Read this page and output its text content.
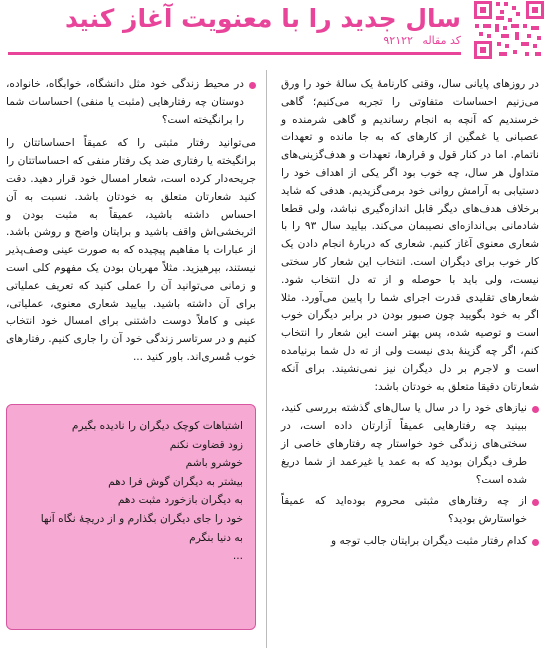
سال جدید را با معنویت آغاز کنید
کد مقاله ۹۲۱۲۲

در روزهای پایانی سال، وقتی کارنامۀ یک سالۀ خود را ورق می‌زنیم احساسات متفاوتی را تجربه می‌کنیم؛ گاهی خرسندیم که آنچه به انجام رساندیم و گاهی شرمنده و عصبانی یا غمگین از کارهای که به جا مانده و تعهدات ناتمام. اما در کنار قول و قرارها، تعهدات و هدف‌گزینی‌های متداول هر سال، چه خوب بود اگر یکی از اهداف خود را دستیابی به آرامش روانی خود برمی‌گزیدیم. هدفی که شاید برخلاف هدف‌های دیگر قابل اندازه‌گیری نباشد، ولی قطعا شادمانی بی‌اندازه‌ای نصیبمان می‌کند. بیایید سال ۹۳ را با شعاری معنوی آغاز کنیم. شعاری که دربارۀ انجام دادن یک کار خوب برای دیگران است. انتخاب این شعار کار سختی نیست، ولی باید با حوصله و از ته دل انتخاب شود. شعارهای تقلیدی قدرت اجرای شما را پایین می‌آورد. مثلا اگر به خود بگویید چون صبور بودن در برابر دیگران خوب است و توصیه شده، پس بهتر است این شعار را انتخاب کنم، اگر چه گزینۀ بدی نیست ولی از ته دل شما برنیامده است و لاجرم بر دل دیگران نیز نمی‌نشیند. برای آنکه شعارتان دقیقا متعلق به خودتان باشد:

نیازهای خود را در سال یا سال‌های گذشته بررسی کنید، ببینید چه رفتارهایی عمیقاً آزارتان داده است، در سختی‌های زندگی خود خواستار چه رفتارهای خاصی از طرف دیگران بودید که به عمد یا غیرعمد از شما دریغ شده است؟

از چه رفتارهای مثبتی محروم بوده‌اید که عمیقاً خواستارش بودید؟

کدام رفتار مثبت دیگران برایتان جالب توجه و

در محیط زندگی خود مثل دانشگاه، خوابگاه، خانواده، دوستان چه رفتارهایی (مثبت یا منفی) احساسات شما را برانگیخته است؟

می‌توانید رفتار مثبتی را که عمیقاً احساساتتان را برانگیخته یا رفتاری ضد یک رفتار منفی که احساساتتان را جریحه‌دار کرده است، شعار امسال خود قرار دهید. دقت کنید شعارتان متعلق به خودتان باشد. نسبت به آن احساس داشته باشید، عمیقاً به مثبت بودن و اثربخشی‌اش واقف باشید و برایتان واضح و روشن باشد. از عبارات یا مفاهیم پیچیده که به صورت عینی وصف‌پذیر نیستند، بپرهیزید. مثلاً مهربان بودن یک مفهوم کلی است و زمانی می‌توانید آن را عملی کنید که تعریف عملیاتی برای آن داشته باشید. بیایید شعاری معنوی، عملیاتی، عینی و کاملاً دوست داشتنی برای امسال خود انتخاب کنیم و در سرتاسر زندگی خود آن را جاری کنیم. رفتارهای خوب مُسری‌اند. باور کنید ...

اشتباهات کوچک دیگران را نادیده بگیرم
زود قضاوت نکنم
خوشرو باشم
بیشتر به دیگران گوش فرا دهم
به دیگران بازخورد مثبت دهم
خود را جای دیگران بگذارم و از دریچۀ نگاه آنها
به دنیا بنگرم
...
